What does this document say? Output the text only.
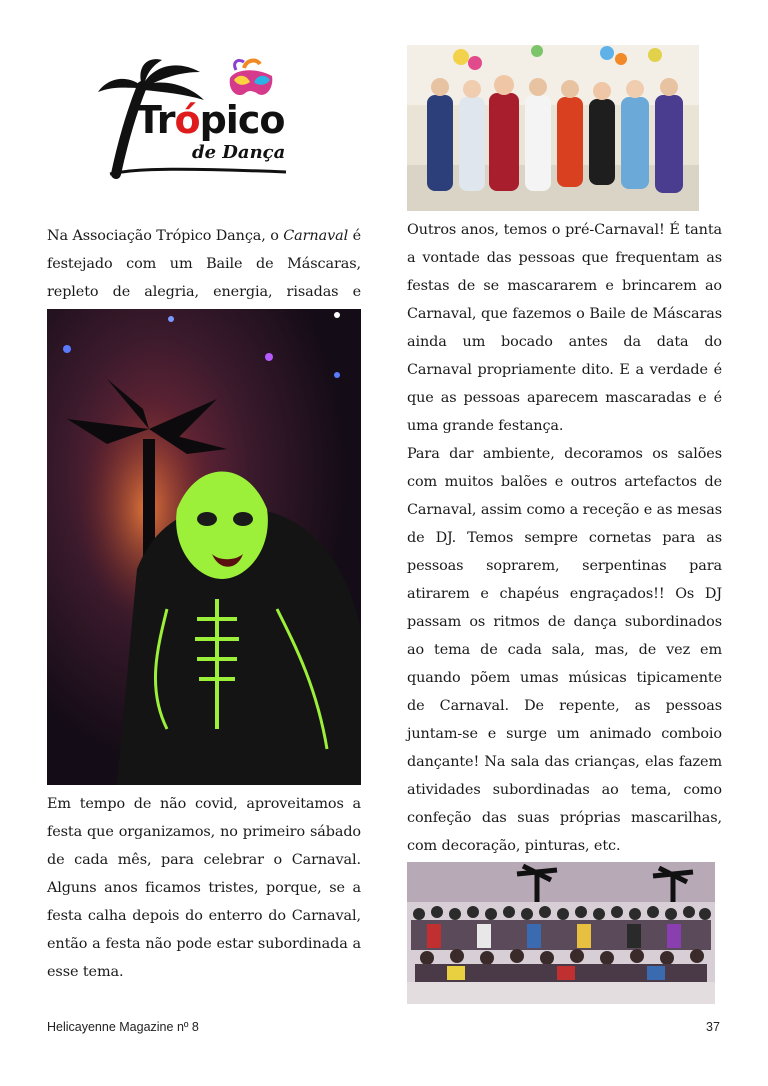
Trópico
de Dança

Na Associação Trópico Dança, o Carnaval é festejado com um Baile de Máscaras, repleto de alegria, energia, risadas e

Em tempo de não covid, aproveitamos a festa que organizamos, no primeiro sábado de cada mês, para celebrar o Carnaval. Alguns anos ficamos tristes, porque, se a festa calha depois do enterro do Carnaval, então a festa não pode estar subordinada a esse tema.

Outros anos, temos o pré-Carnaval! É tanta a vontade das pessoas que frequentam as festas de se mascararem e brincarem ao Carnaval, que fazemos o Baile de Máscaras ainda um bocado antes da data do Carnaval propriamente dito. E a verdade é que as pessoas aparecem mascaradas e é uma grande festança.

Para dar ambiente, decoramos os salões com muitos balões e outros artefactos de Carnaval, assim como a receção e as mesas de DJ. Temos sempre cornetas para as pessoas soprarem, serpentinas para atirarem e chapéus engraçados!! Os DJ passam os ritmos de dança subordinados ao tema de cada sala, mas, de vez em quando põem umas músicas tipicamente de Carnaval. De repente, as pessoas juntam-se e surge um animado comboio dançante! Na sala das crianças, elas fazem atividades subordinadas ao tema, como confeção das suas próprias mascarilhas, com decoração, pinturas, etc.

Helicayenne Magazine nº 8	37
